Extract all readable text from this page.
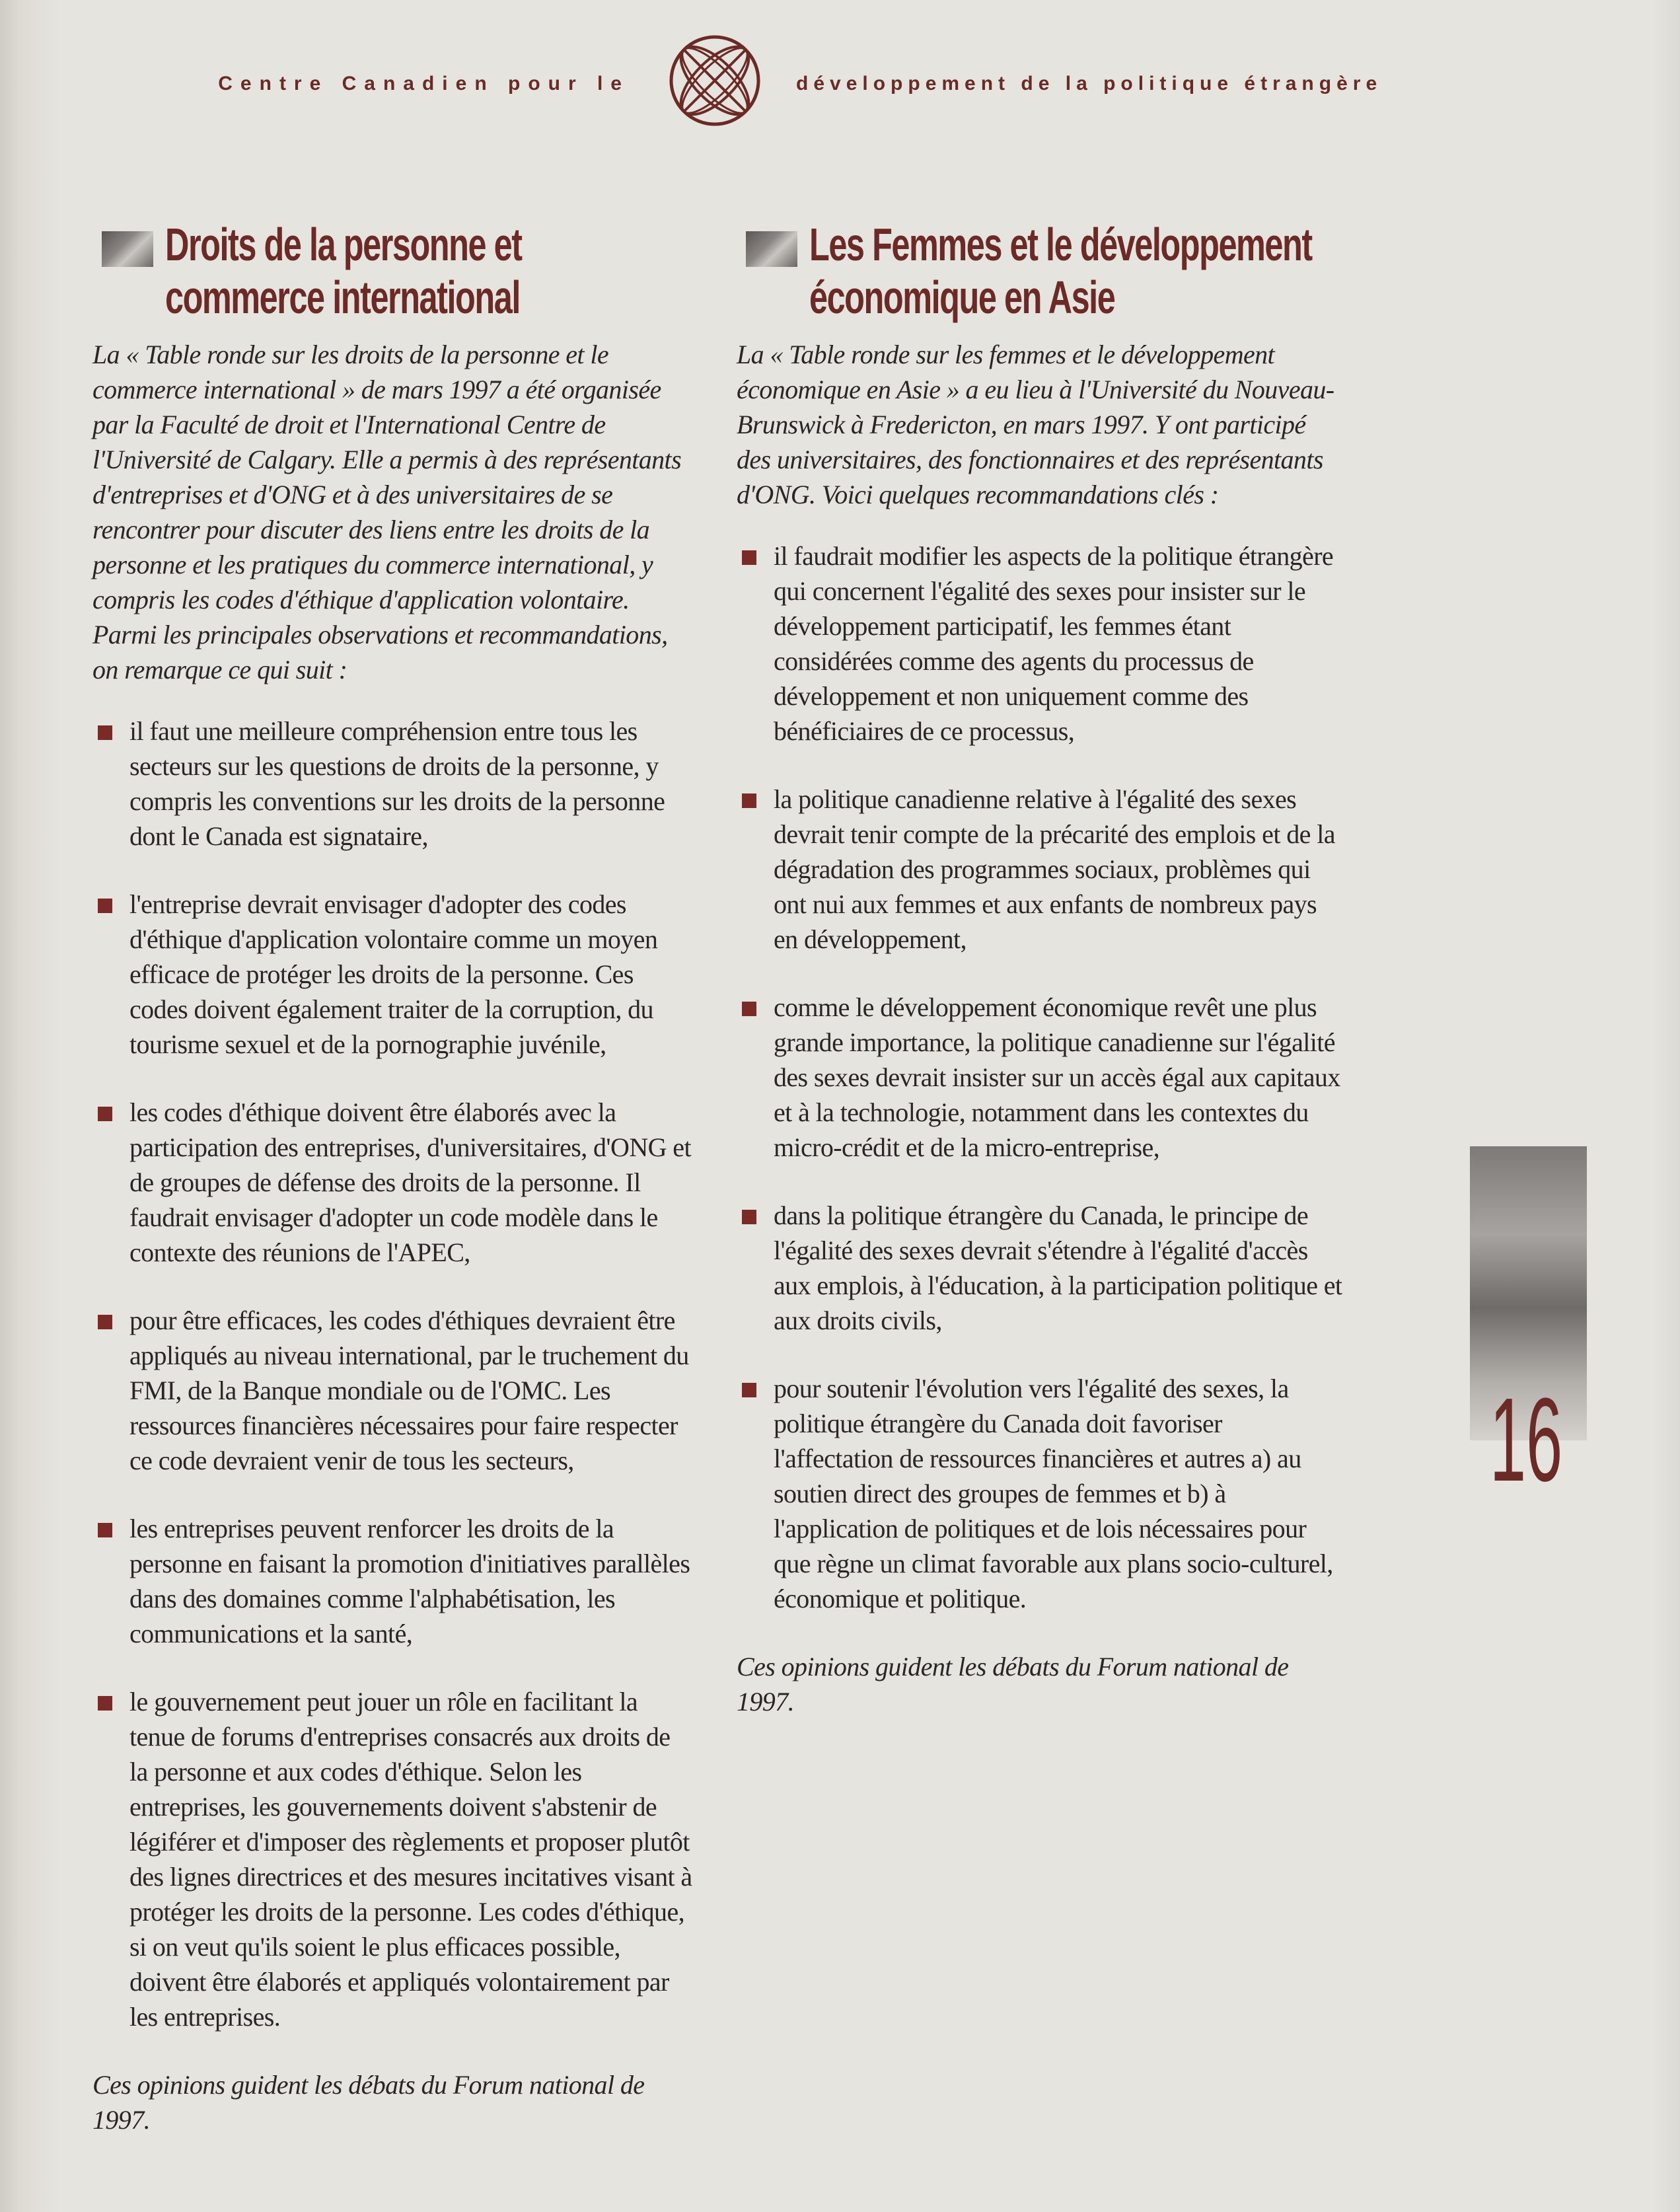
Centre Canadien pour le	développement de la politique étrangère
Droits de la personne et commerce international

La « Table ronde sur les droits de la personne et le commerce international » de mars 1997 a été organisée par la Faculté de droit et l'International Centre de l'Université de Calgary. Elle a permis à des représentants d'entreprises et d'ONG et à des universitaires de se rencontrer pour discuter des liens entre les droits de la personne et les pratiques du commerce international, y compris les codes d'éthique d'application volontaire. Parmi les principales observations et recommandations, on remarque ce qui suit :

il faut une meilleure compréhension entre tous les secteurs sur les questions de droits de la personne, y compris les conventions sur les droits de la personne dont le Canada est signataire,
l'entreprise devrait envisager d'adopter des codes d'éthique d'application volontaire comme un moyen efficace de protéger les droits de la personne. Ces codes doivent également traiter de la corruption, du tourisme sexuel et de la pornographie juvénile,
les codes d'éthique doivent être élaborés avec la participation des entreprises, d'universitaires, d'ONG et de groupes de défense des droits de la personne. Il faudrait envisager d'adopter un code modèle dans le contexte des réunions de l'APEC,
pour être efficaces, les codes d'éthiques devraient être appliqués au niveau international, par le truchement du FMI, de la Banque mondiale ou de l'OMC. Les ressources financières nécessaires pour faire respecter ce code devraient venir de tous les secteurs,
les entreprises peuvent renforcer les droits de la personne en faisant la promotion d'initiatives parallèles dans des domaines comme l'alphabétisation, les communications et la santé,
le gouvernement peut jouer un rôle en facilitant la tenue de forums d'entreprises consacrés aux droits de la personne et aux codes d'éthique. Selon les entreprises, les gouvernements doivent s'abstenir de légiférer et d'imposer des règlements et proposer plutôt des lignes directrices et des mesures incitatives visant à protéger les droits de la personne. Les codes d'éthique, si on veut qu'ils soient le plus efficaces possible, doivent être élaborés et appliqués volontairement par les entreprises.

Ces opinions guident les débats du Forum national de 1997.

Les Femmes et le développement économique en Asie

La « Table ronde sur les femmes et le développement économique en Asie » a eu lieu à l'Université du Nouveau-Brunswick à Fredericton, en mars 1997. Y ont participé des universitaires, des fonctionnaires et des représentants d'ONG. Voici quelques recommandations clés :

il faudrait modifier les aspects de la politique étrangère qui concernent l'égalité des sexes pour insister sur le développement participatif, les femmes étant considérées comme des agents du processus de développement et non uniquement comme des bénéficiaires de ce processus,
la politique canadienne relative à l'égalité des sexes devrait tenir compte de la précarité des emplois et de la dégradation des programmes sociaux, problèmes qui ont nui aux femmes et aux enfants de nombreux pays en développement,
comme le développement économique revêt une plus grande importance, la politique canadienne sur l'égalité des sexes devrait insister sur un accès égal aux capitaux et à la technologie, notamment dans les contextes du micro-crédit et de la micro-entreprise,
dans la politique étrangère du Canada, le principe de l'égalité des sexes devrait s'étendre à l'égalité d'accès aux emplois, à l'éducation, à la participation politique et aux droits civils,
pour soutenir l'évolution vers l'égalité des sexes, la politique étrangère du Canada doit favoriser l'affectation de ressources financières et autres a) au soutien direct des groupes de femmes et b) à l'application de politiques et de lois nécessaires pour que règne un climat favorable aux plans socio-culturel, économique et politique.

Ces opinions guident les débats du Forum national de 1997.

16
